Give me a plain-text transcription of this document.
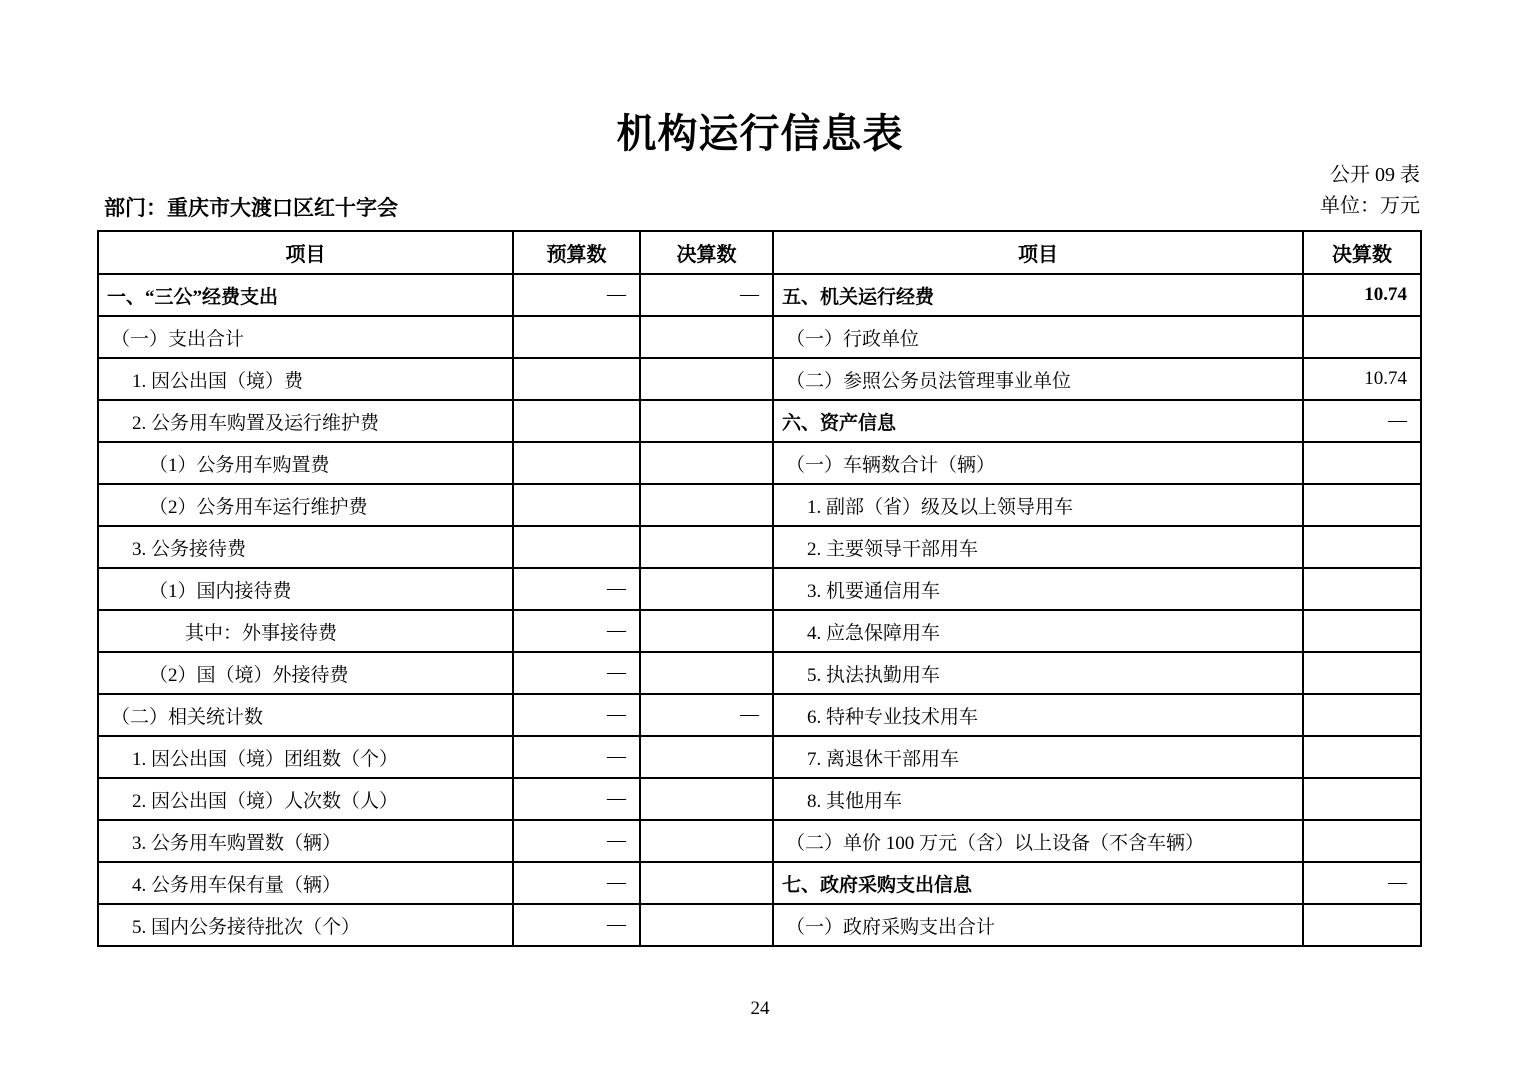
机构运行信息表
公开 09 表
单位：万元
部门：重庆市大渡口区红十字会
项目	预算数	决算数	项目	决算数
一、“三公”经费支出	—	—	五、机关运行经费	10.74
（一）支出合计			（一）行政单位	
1. 因公出国（境）费			（二）参照公务员法管理事业单位	10.74
2. 公务用车购置及运行维护费			六、资产信息	—
（1）公务用车购置费			（一）车辆数合计（辆）	
（2）公务用车运行维护费			1. 副部（省）级及以上领导用车	
3. 公务接待费			2. 主要领导干部用车	
（1）国内接待费	—		3. 机要通信用车	
其中：外事接待费	—		4. 应急保障用车	
（2）国（境）外接待费	—		5. 执法执勤用车	
（二）相关统计数	—	—	6. 特种专业技术用车	
1. 因公出国（境）团组数（个）	—		7. 离退休干部用车	
2. 因公出国（境）人次数（人）	—		8. 其他用车	
3. 公务用车购置数（辆）	—		（二）单价 100 万元（含）以上设备（不含车辆）	
4. 公务用车保有量（辆）	—		七、政府采购支出信息	—
5. 国内公务接待批次（个）	—		（一）政府采购支出合计	
24
